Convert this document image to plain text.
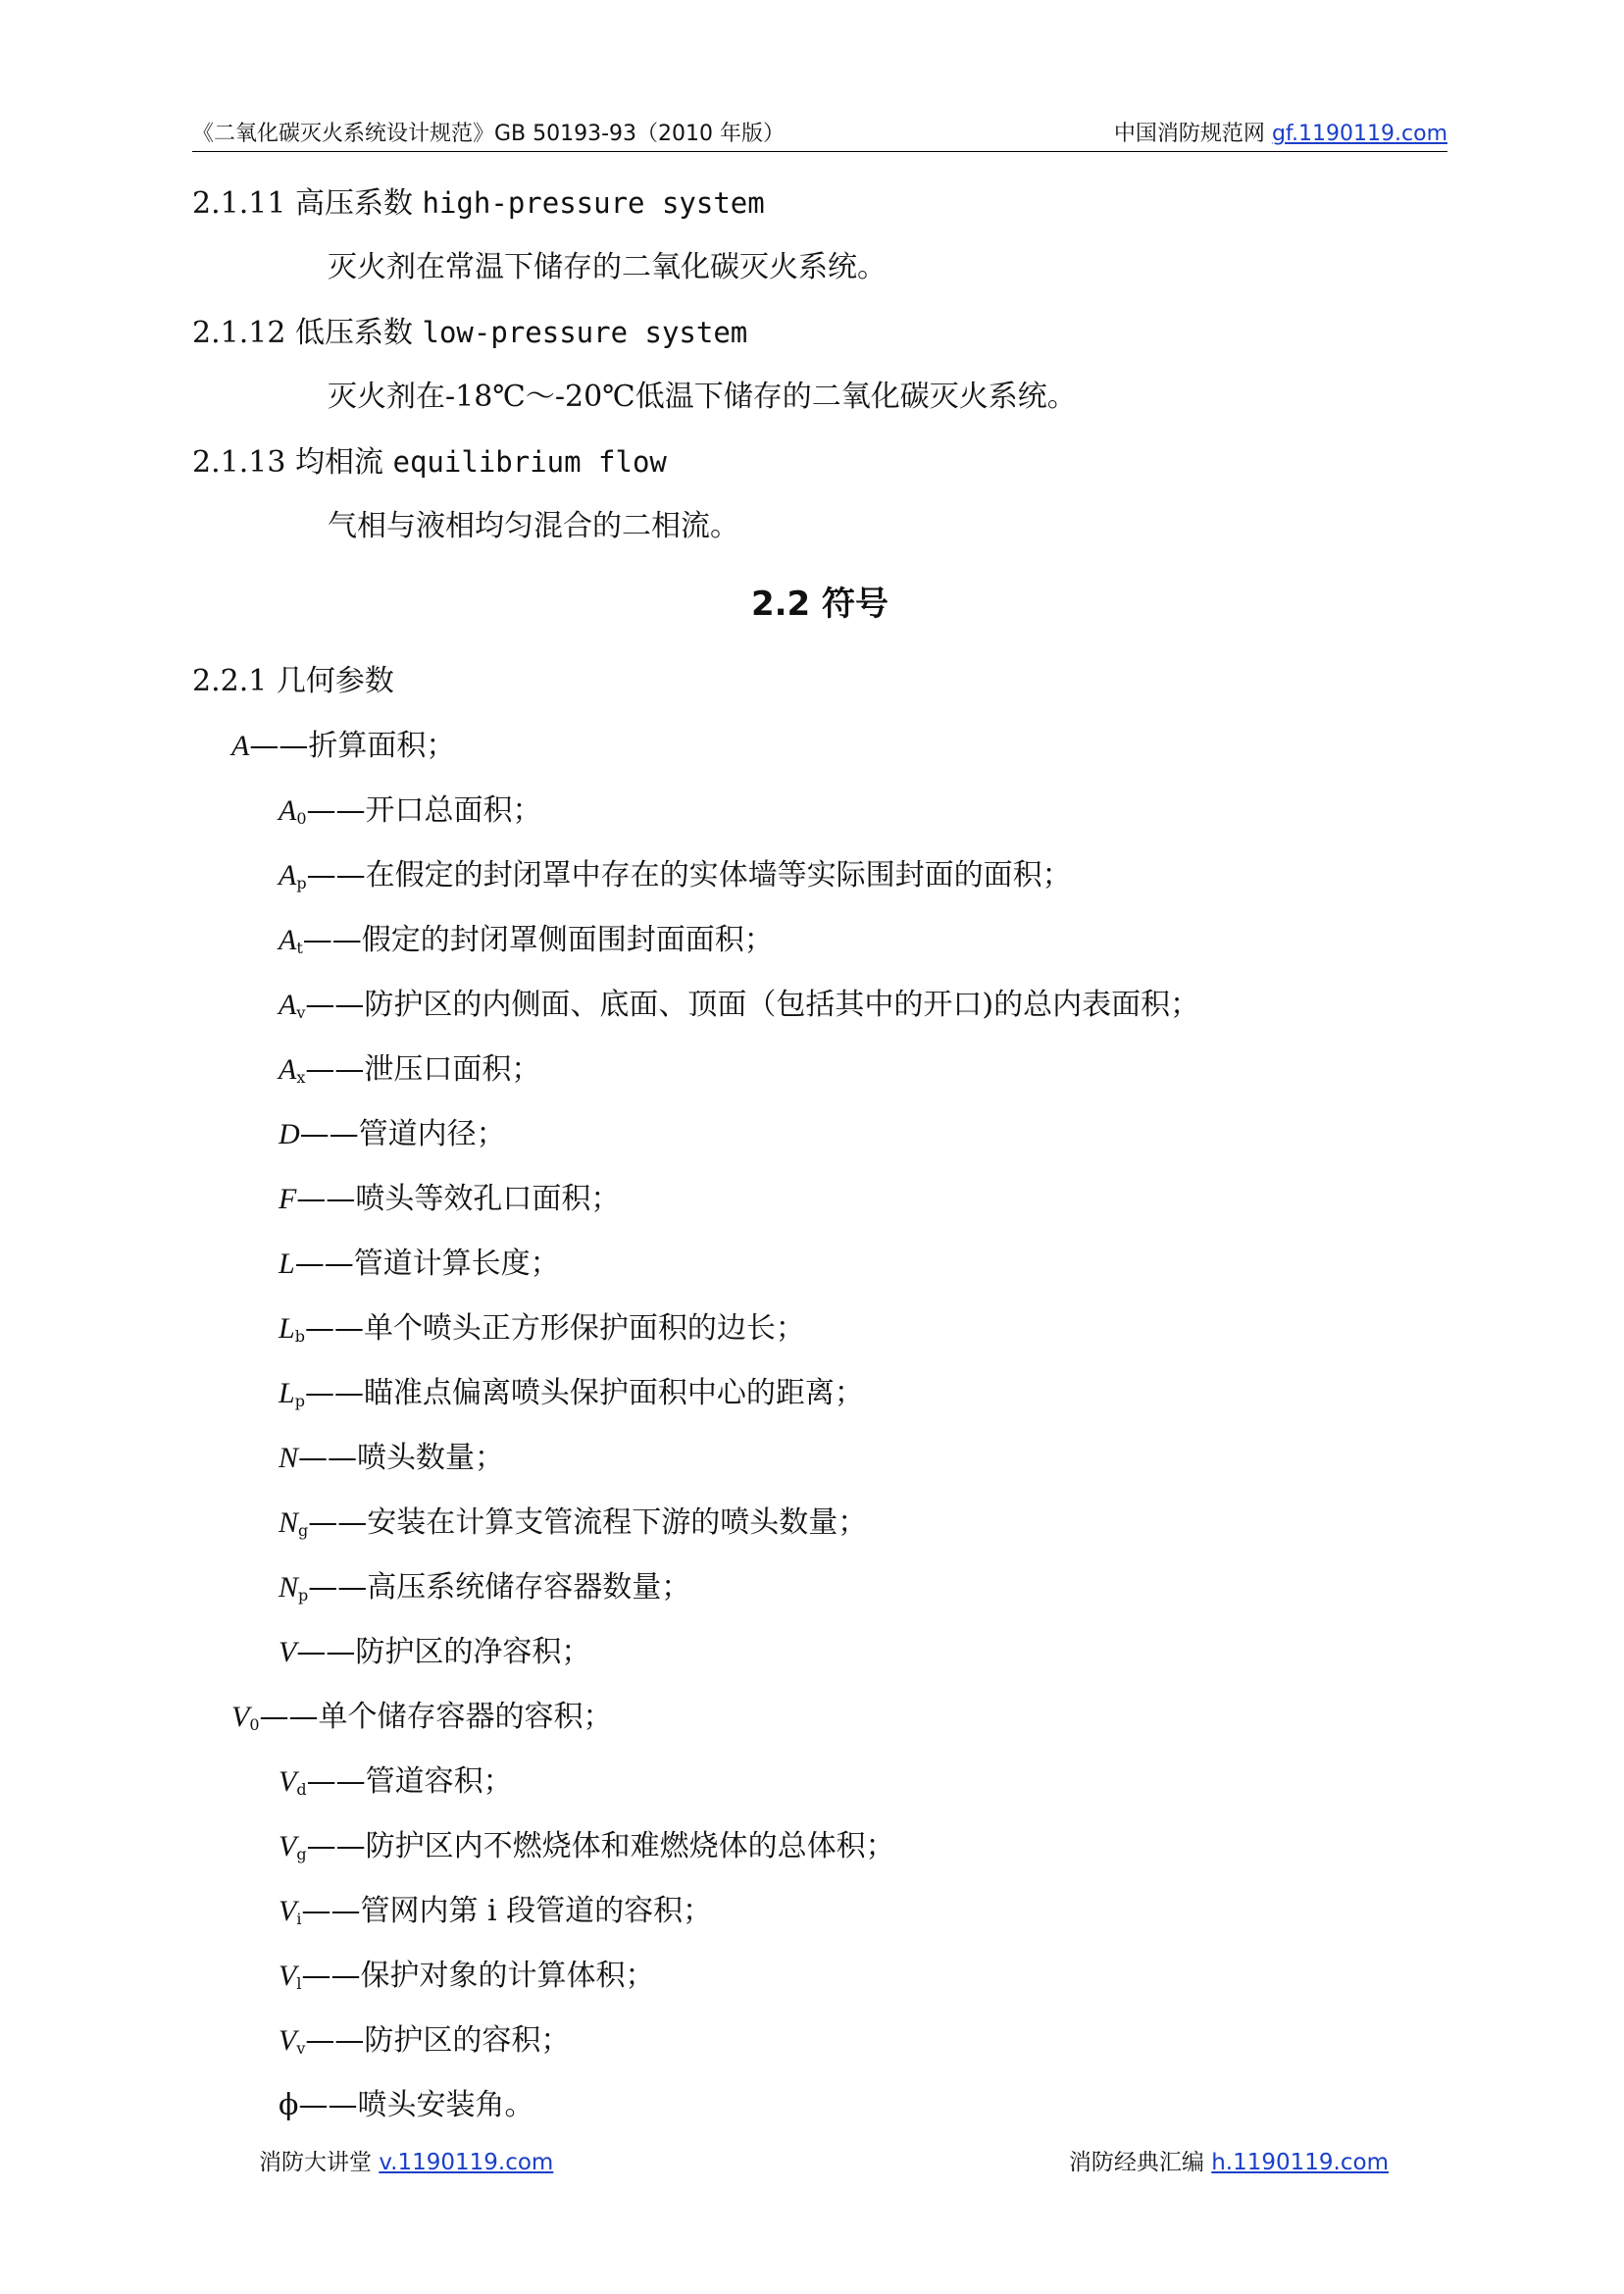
《二氧化碳灭火系统设计规范》GB 50193-93（2010 年版）	中国消防规范网 gf.1190119.com
2.1.11 高压系数 high-pressure system
灭火剂在常温下储存的二氧化碳灭火系统。
2.1.12 低压系数 low-pressure system
灭火剂在-18℃～-20℃低温下储存的二氧化碳灭火系统。
2.1.13 均相流 equilibrium flow
气相与液相均匀混合的二相流。
2.2 符号
2.2.1 几何参数
A——折算面积；
$A_0——$开口总面积；
$A_p——$在假定的封闭罩中存在的实体墙等实际围封面的面积；
$A_t——$假定的封闭罩侧面围封面面积；
$A_v——$防护区的内侧面、底面、顶面（包括其中的开口)的总内表面积；
$A_x——$泄压口面积；
D——管道内径；
F——喷头等效孔口面积；
L——管道计算长度；
$L_b——$单个喷头正方形保护面积的边长；
$L_p——$瞄准点偏离喷头保护面积中心的距离；
N——喷头数量；
$N_g——$安装在计算支管流程下游的喷头数量；
$N_p——$高压系统储存容器数量；
V——防护区的净容积；
$V_0——$单个储存容器的容积；
$V_d——$管道容积；
$V_g——$防护区内不燃烧体和难燃烧体的总体积；
$V_i——$管网内第 i 段管道的容积；
$V_l——$保护对象的计算体积；
$V_v——$防护区的容积；
ϕ——喷头安装角。
消防大讲堂 v.1190119.com	消防经典汇编 h.1190119.com
